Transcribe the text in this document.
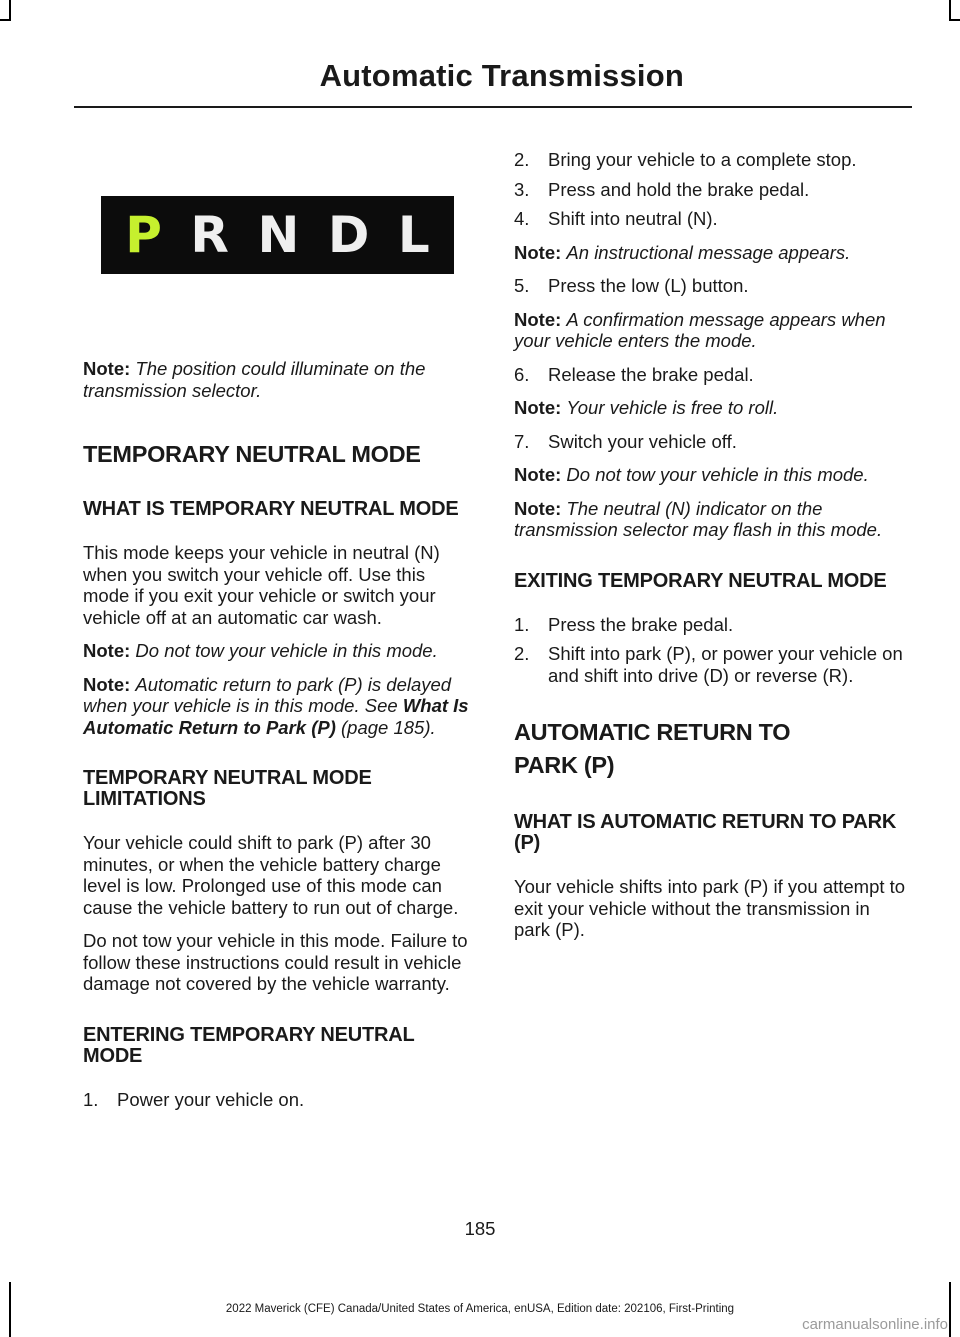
Automatic Transmission
P R N D L

Note: The position could illuminate on the transmission selector.

TEMPORARY NEUTRAL MODE
WHAT IS TEMPORARY NEUTRAL MODE

This mode keeps your vehicle in neutral (N) when you switch your vehicle off. Use this mode if you exit your vehicle or switch your vehicle off at an automatic car wash.

Note: Do not tow your vehicle in this mode.

Note: Automatic return to park (P) is delayed when your vehicle is in this mode. See What Is Automatic Return to Park (P) (page 185).

TEMPORARY NEUTRAL MODE LIMITATIONS

Your vehicle could shift to park (P) after 30 minutes, or when the vehicle battery charge level is low. Prolonged use of this mode can cause the vehicle battery to run out of charge.

Do not tow your vehicle in this mode. Failure to follow these instructions could result in vehicle damage not covered by the vehicle warranty.

ENTERING TEMPORARY NEUTRAL MODE
1. Power your vehicle on.
2. Bring your vehicle to a complete stop.
3. Press and hold the brake pedal.
4. Shift into neutral (N).

Note: An instructional message appears.

5. Press the low (L) button.

Note: A confirmation message appears when your vehicle enters the mode.

6. Release the brake pedal.

Note: Your vehicle is free to roll.

7. Switch your vehicle off.

Note: Do not tow your vehicle in this mode.

Note: The neutral (N) indicator on the transmission selector may flash in this mode.

EXITING TEMPORARY NEUTRAL MODE
1. Press the brake pedal.
2. Shift into park (P), or power your vehicle on and shift into drive (D) or reverse (R).
AUTOMATIC RETURN TO
PARK (P)
WHAT IS AUTOMATIC RETURN TO PARK (P)

Your vehicle shifts into park (P) if you attempt to exit your vehicle without the transmission in park (P).

185
2022 Maverick (CFE) Canada/United States of America, enUSA, Edition date: 202106, First-Printing
carmanualsonline.info
